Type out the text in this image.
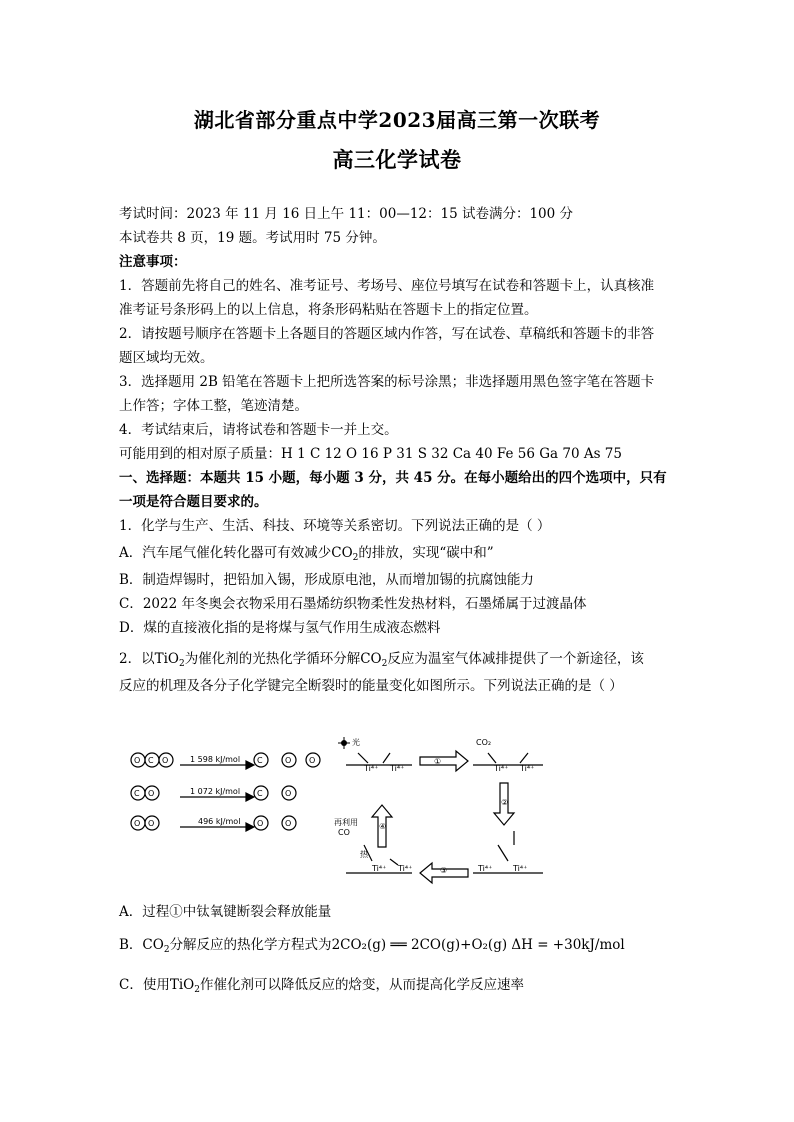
湖北省部分重点中学2023届高三第一次联考
高三化学试卷
考试时间：2023 年 11 月 16 日上午 11：00—12：15 试卷满分：100 分
本试卷共 8 页，19 题。考试用时 75 分钟。
注意事项：
1．答题前先将自己的姓名、准考证号、考场号、座位号填写在试卷和答题卡上，认真核准
准考证号条形码上的以上信息，将条形码粘贴在答题卡上的指定位置。
2．请按题号顺序在答题卡上各题目的答题区域内作答，写在试卷、草稿纸和答题卡的非答
题区域均无效。
3．选择题用 2B 铅笔在答题卡上把所选答案的标号涂黑；非选择题用黑色签字笔在答题卡
上作答；字体工整，笔迹清楚。
4．考试结束后，请将试卷和答题卡一并上交。
可能用到的相对原子质量：H 1 C 12 O 16 P 31 S 32 Ca 40 Fe 56 Ga 70 As 75
一、选择题：本题共 15 小题，每小题 3 分，共 45 分。在每小题给出的四个选项中，只有
一项是符合题目要求的。
1．化学与生产、生活、科技、环境等关系密切。下列说法正确的是（ ）
A．汽车尾气催化转化器可有效减少$CO_2$的排放，实现“碳中和”
B．制造焊锡时，把铅加入锡，形成原电池，从而增加锡的抗腐蚀能力
C．2022 年冬奥会衣物采用石墨烯纺织物柔性发热材料，石墨烯属于过渡晶体
D．煤的直接液化指的是将煤与氢气作用生成液态燃料
2．以TiO$_2$为催化剂的光热化学循环分解$CO_2$反应为温室气体减排提供了一个新途径，该
反应的机理及各分子化学键完全断裂时的能量变化如图所示。下列说法正确的是（ ）
1 598 kJ/mol
1 072 kJ/mol
496 kJ/mol
O C O
C O
O O
C	O O
C	O
O	O
光	CO₂
再利用
CO
热
Ti⁴⁺ Ti⁴⁺	Ti⁴⁺ Ti⁴⁺
Ti⁴⁺	Ti⁴⁺
Ti⁴⁺ Ti⁴⁺
①
②
③
④
A．过程①中钛氧键断裂会释放能量
B．$CO_2$分解反应的热化学方程式为2CO₂(g) ══ 2CO(g)+O₂(g) ΔH = +30kJ/mol
C．使用TiO$_2$作催化剂可以降低反应的焓变，从而提高化学反应速率
